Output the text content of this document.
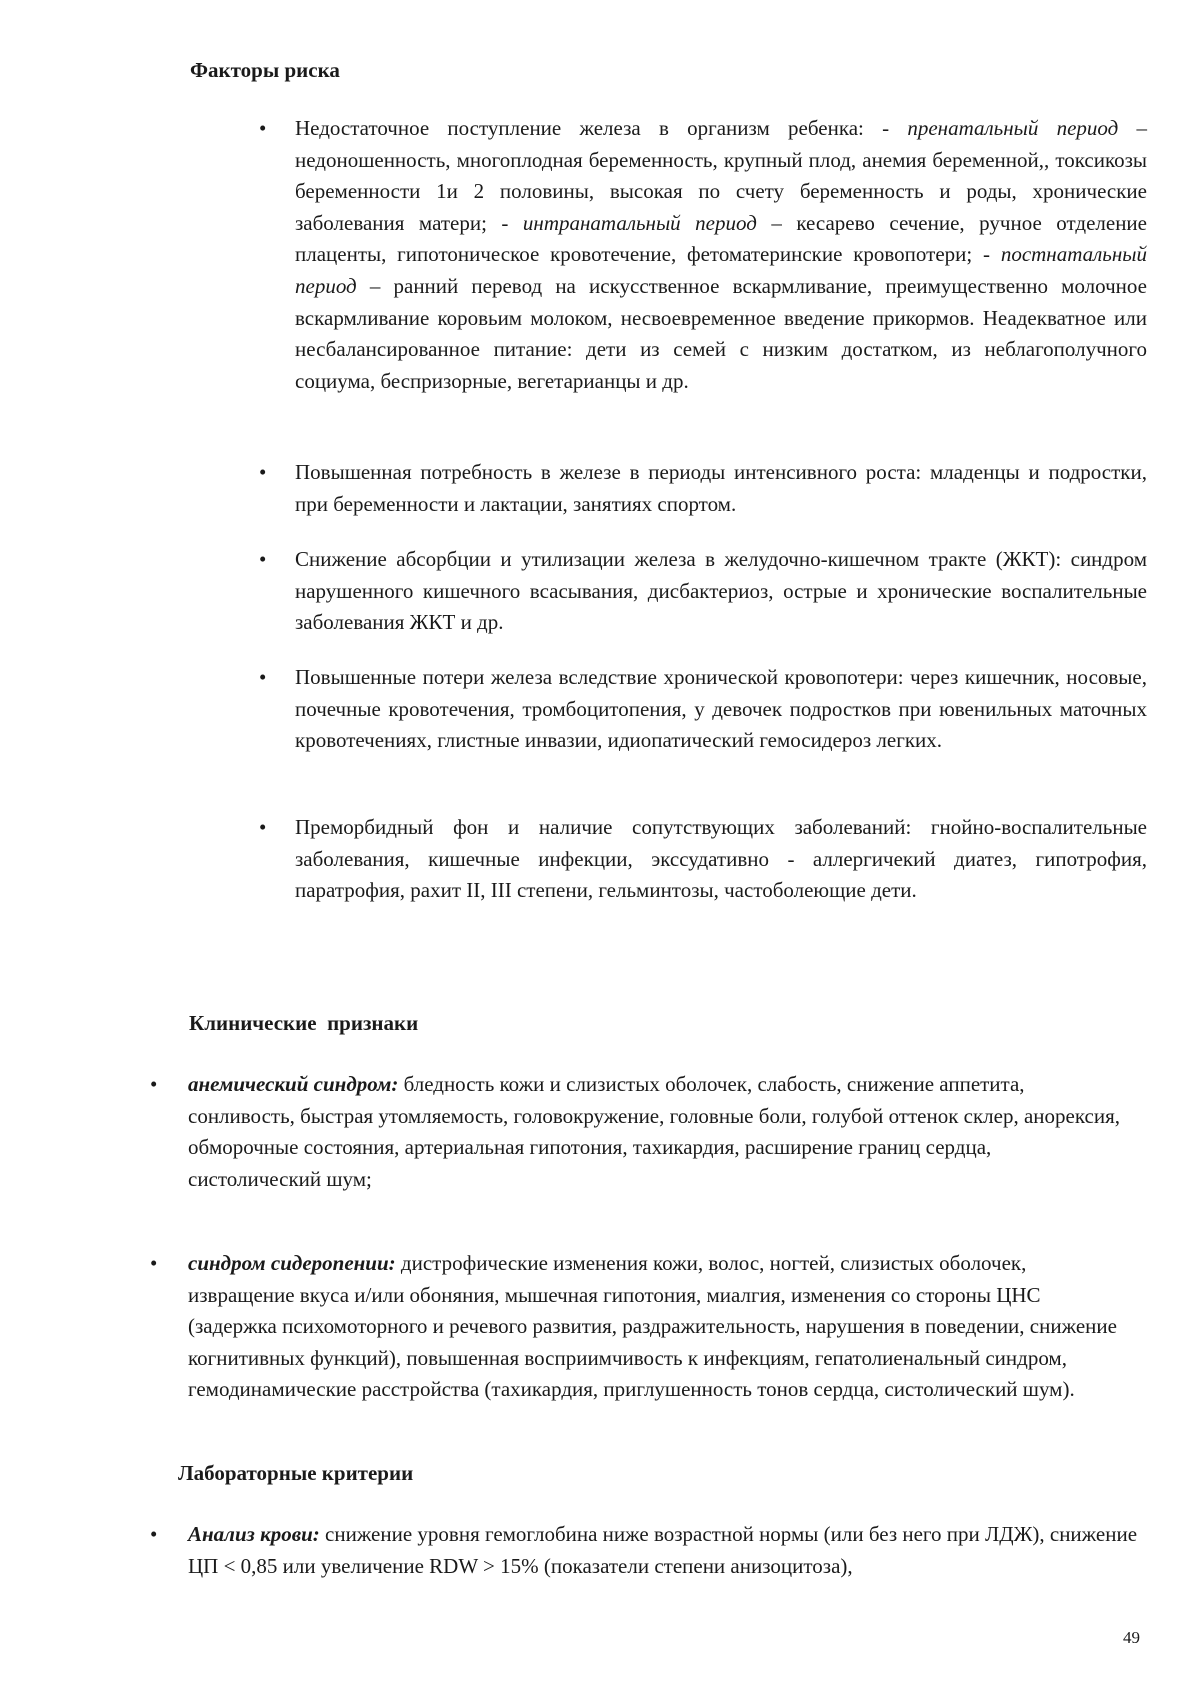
Факторы риска
• Недостаточное поступление железа в организм ребенка: - пренатальный период – недоношенность, многоплодная беременность, крупный плод, анемия беременной,, токсикозы беременности 1и 2 половины, высокая по счету беременность и роды, хронические заболевания матери; - интранатальный период – кесарево сечение, ручное отделение плаценты, гипотоническое кровотечение, фетоматеринские кровопотери; - постнатальный период – ранний перевод на искусственное вскармливание, преимущественно молочное вскармливание коровьим молоком, несвоевременное введение прикормов. Неадекватное или несбалансированное питание: дети из семей с низким достатком, из неблагополучного социума, беспризорные, вегетарианцы и др.
• Повышенная потребность в железе в периоды интенсивного роста: младенцы и подростки, при беременности и лактации, занятиях спортом.
• Снижение абсорбции и утилизации железа в желудочно-кишечном тракте (ЖКТ): синдром нарушенного кишечного всасывания, дисбактериоз, острые и хронические воспалительные заболевания ЖКТ и др.
• Повышенные потери железа вследствие хронической кровопотери: через кишечник, носовые, почечные кровотечения, тромбоцитопения, у девочек подростков при ювенильных маточных кровотечениях, глистные инвазии, идиопатический гемосидероз легких.
• Преморбидный фон и наличие сопутствующих заболеваний: гнойно-воспалительные заболевания, кишечные инфекции, экссудативно - аллергичекий диатез, гипотрофия, паратрофия, рахит II, III степени, гельминтозы, частоболеющие дети.
Клинические  признаки
• анемический синдром: бледность кожи и слизистых оболочек, слабость, снижение аппетита, сонливость, быстрая утомляемость, головокружение, головные боли, голубой оттенок склер, анорексия, обморочные состояния, артериальная гипотония, тахикардия, расширение границ сердца, систолический шум;
• синдром сидеропении: дистрофические изменения кожи, волос, ногтей, слизистых оболочек, извращение вкуса и/или обоняния, мышечная гипотония, миалгия, изменения со стороны ЦНС (задержка психомоторного и речевого развития, раздражительность, нарушения в поведении, снижение когнитивных функций), повышенная восприимчивость к инфекциям, гепатолиенальный синдром, гемодинамические расстройства (тахикардия, приглушенность тонов сердца, систолический шум).
Лабораторные критерии
• Анализ крови: снижение уровня гемоглобина ниже возрастной нормы (или без него при ЛДЖ), снижение ЦП < 0,85 или увеличение RDW > 15% (показатели степени анизоцитоза),
49
